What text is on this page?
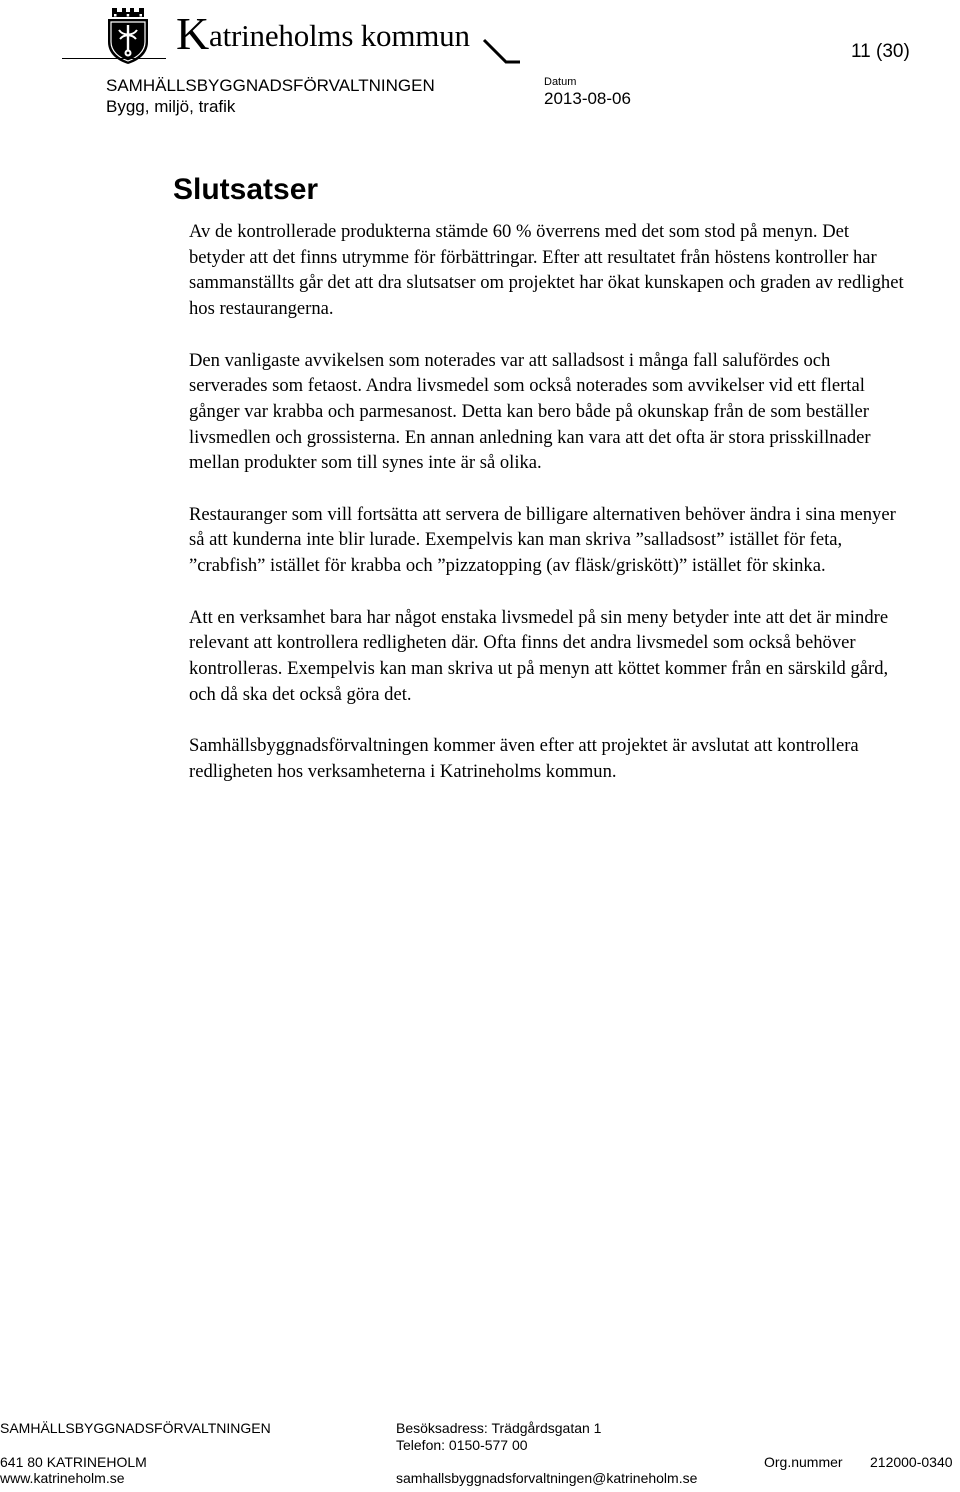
Katrineholms kommun	11 (30)
SAMHÄLLSBYGGNADSFÖRVALTNINGEN
Bygg, miljö, trafik
Datum
2013-08-06
Slutsatser

Av de kontrollerade produkterna stämde 60 % överrens med det som stod på menyn. Det betyder att det finns utrymme för förbättringar. Efter att resultatet från höstens kontroller har sammanställts går det att dra slutsatser om projektet har ökat kunskapen och graden av redlighet hos restaurangerna.

Den vanligaste avvikelsen som noterades var att salladsost i många fall salufördes och serverades som fetaost. Andra livsmedel som också noterades som avvikelser vid ett flertal gånger var krabba och parmesanost. Detta kan bero både på okunskap från de som beställer livsmedlen och grossisterna. En annan anledning kan vara att det ofta är stora prisskillnader mellan produkter som till synes inte är så olika.

Restauranger som vill fortsätta att servera de billigare alternativen behöver ändra i sina menyer så att kunderna inte blir lurade. Exempelvis kan man skriva ”salladsost” istället för feta, ”crabfish” istället för krabba och ”pizzatopping (av fläsk/griskött)” istället för skinka.

Att en verksamhet bara har något enstaka livsmedel på sin meny betyder inte att det är mindre relevant att kontrollera redligheten där. Ofta finns det andra livsmedel som också behöver kontrolleras. Exempelvis kan man skriva ut på menyn att köttet kommer från en särskild gård, och då ska det också göra det.

Samhällsbyggnadsförvaltningen kommer även efter att projektet är avslutat att kontrollera redligheten hos verksamheterna i Katrineholms kommun.

SAMHÄLLSBYGGNADSFÖRVALTNINGEN
641 80 KATRINEHOLM
www.katrineholm.se
Besöksadress: Trädgårdsgatan 1
Telefon: 0150-577 00
samhallsbyggnadsforvaltningen@katrineholm.se
Org.nummer 212000-0340
